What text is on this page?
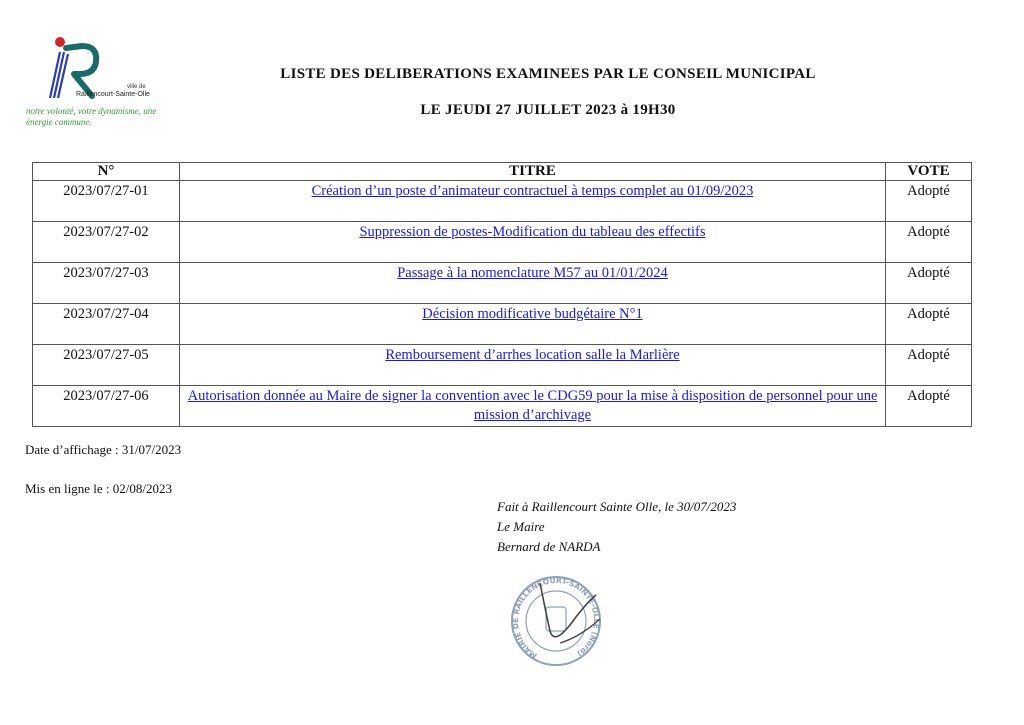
ville de
Raillencourt-Sainte-Olle
notre volonté, votre dynamisme, une énergie commune.
LISTE DES DELIBERATIONS EXAMINEES PAR LE CONSEIL MUNICIPAL
LE JEUDI 27 JUILLET 2023 à 19H30
N°	TITRE	VOTE
2023/07/27-01	Création d’un poste d’animateur contractuel à temps complet au 01/09/2023	Adopté
2023/07/27-02	Suppression de postes-Modification du tableau des effectifs	Adopté
2023/07/27-03	Passage à la nomenclature M57 au 01/01/2024	Adopté
2023/07/27-04	Décision modificative budgétaire N°1	Adopté
2023/07/27-05	Remboursement d’arrhes location salle la Marlière	Adopté
2023/07/27-06	Autorisation donnée au Maire de signer la convention avec le CDG59 pour la mise à disposition de personnel pour une mission d’archivage	Adopté
Date d’affichage : 31/07/2023
Mis en ligne le : 02/08/2023
Fait à Raillencourt Sainte Olle, le 30/07/2023
Le Maire
Bernard de NARDA
MAIRIE DE RAILLENCOURT-SAINTE-OLLE (Nord)
